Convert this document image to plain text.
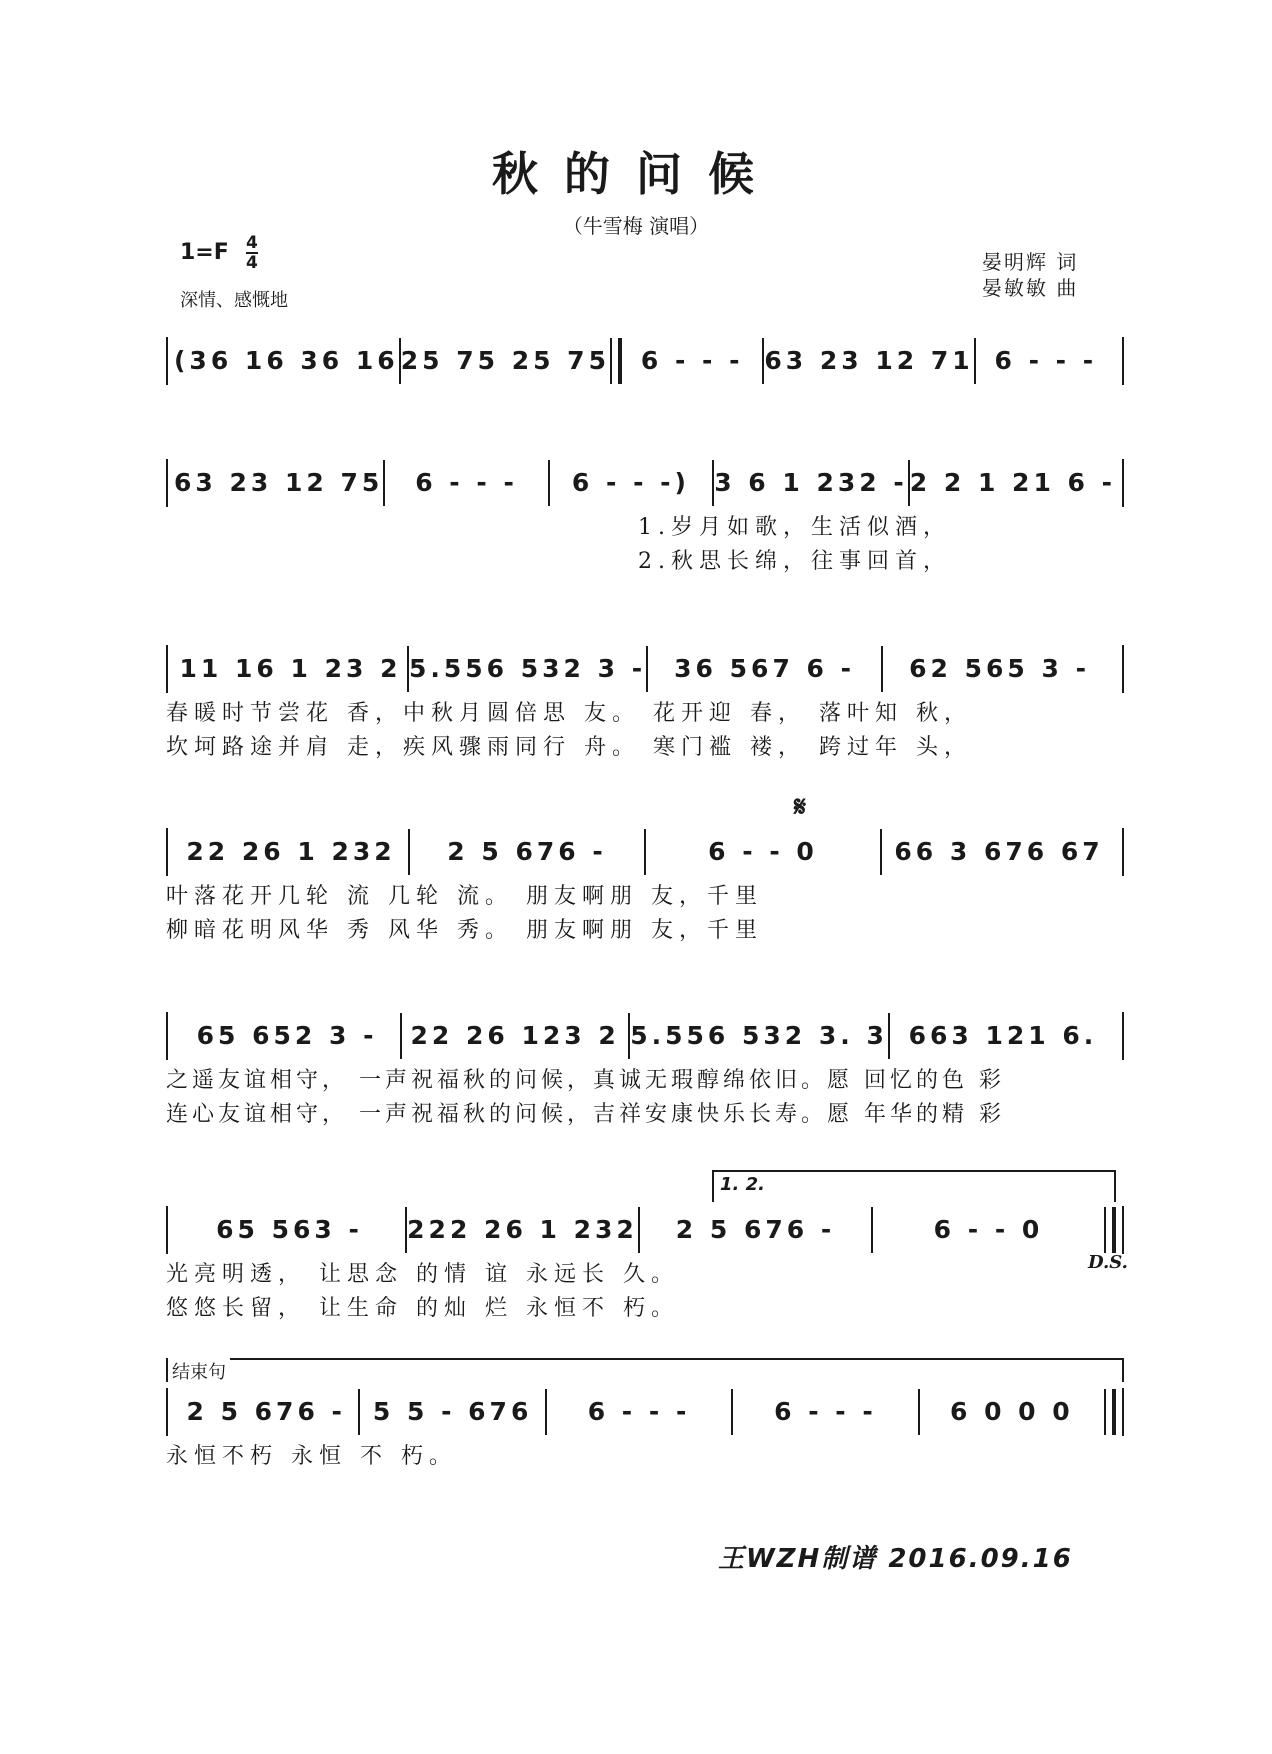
秋的问候
（牛雪梅 演唱）
1=F 4
4
深情、感慨地
晏明辉 词
晏敏敏 曲
(36 16 36 16 25 75 25 75	6 - - - 63 23 12 71 6 - - -
63 23 12 75	6 - - -	6 - - -) 3 6 1 232 - 2 2 1 21 6 -
1.岁月如歌，生活似酒，
2.秋思长绵，往事回首，
11 16 1 23 2 5.556 532 3 -	36 567 6 -	62 565 3 -
春暖时节尝花 香，中秋月圆倍思 友。 花开迎 春， 落叶知 秋，
坎坷路途并肩 走，疾风骤雨同行 舟。 寒门褴 褛， 跨过年 头，
𝄋
22 26 1 232	2 5 676 -	6 - - 0	66 3 676 67
叶落花开几轮 流 几轮 流。 朋友啊朋 友，千里
柳暗花明风华 秀 风华 秀。 朋友啊朋 友，千里
65 652 3 -	22 26 123 2 5.556 532 3. 3 663 121 6.
之遥友谊相守， 一声祝福秋的问候，真诚无瑕醇绵依旧。愿 回忆的色 彩
连心友谊相守， 一声祝福秋的问候，吉祥安康快乐长寿。愿 年华的精 彩
1. 2.
65 563 -	222 26 1 232	2 5 676 -	6 - - 0
光亮明透， 让思念 的情 谊 永远长 久。
悠悠长留， 让生命 的灿 烂 永恒不 朽。
D.S.
结束句
2 5 676 -	5 5 - 676	6 - - -	6 - - -	6 0 0 0
永恒不朽 永恒 不 朽。
王WZH制谱 2016.09.16
